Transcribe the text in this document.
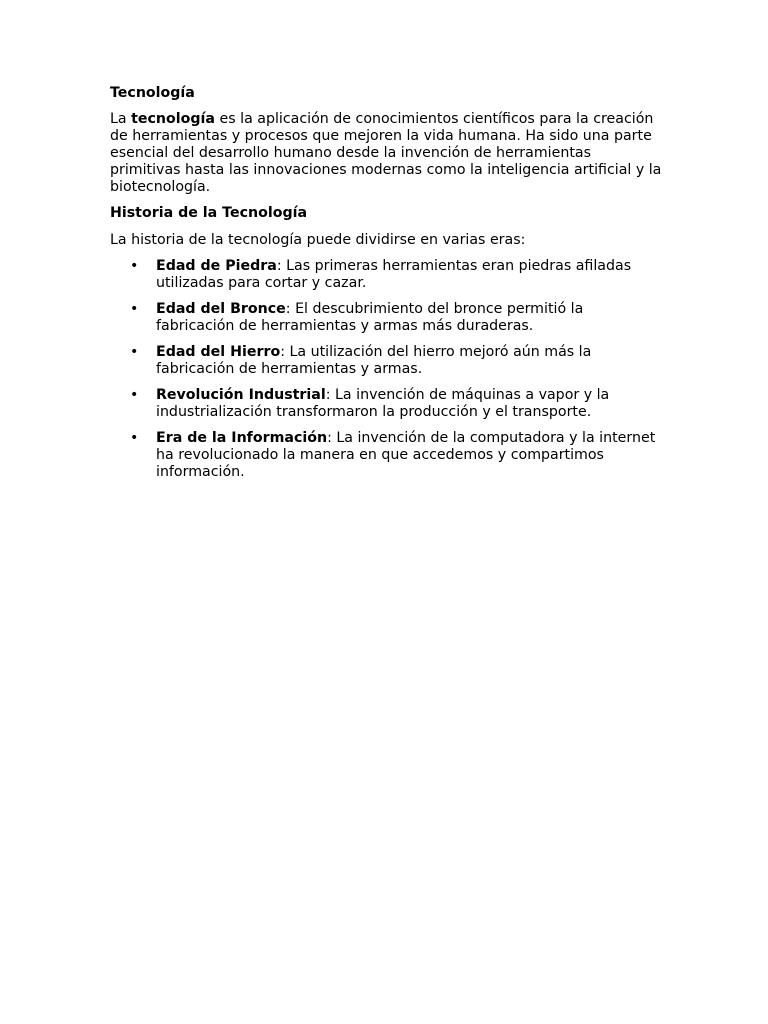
Tecnología

La tecnología es la aplicación de conocimientos científicos para la creación de herramientas y procesos que mejoren la vida humana. Ha sido una parte esencial del desarrollo humano desde la invención de herramientas primitivas hasta las innovaciones modernas como la inteligencia artificial y la biotecnología.

Historia de la Tecnología

La historia de la tecnología puede dividirse en varias eras:

• Edad de Piedra: Las primeras herramientas eran piedras afiladas utilizadas para cortar y cazar.
• Edad del Bronce: El descubrimiento del bronce permitió la fabricación de herramientas y armas más duraderas.
• Edad del Hierro: La utilización del hierro mejoró aún más la fabricación de herramientas y armas.
• Revolución Industrial: La invención de máquinas a vapor y la industrialización transformaron la producción y el transporte.
• Era de la Información: La invención de la computadora y la internet ha revolucionado la manera en que accedemos y compartimos información.
